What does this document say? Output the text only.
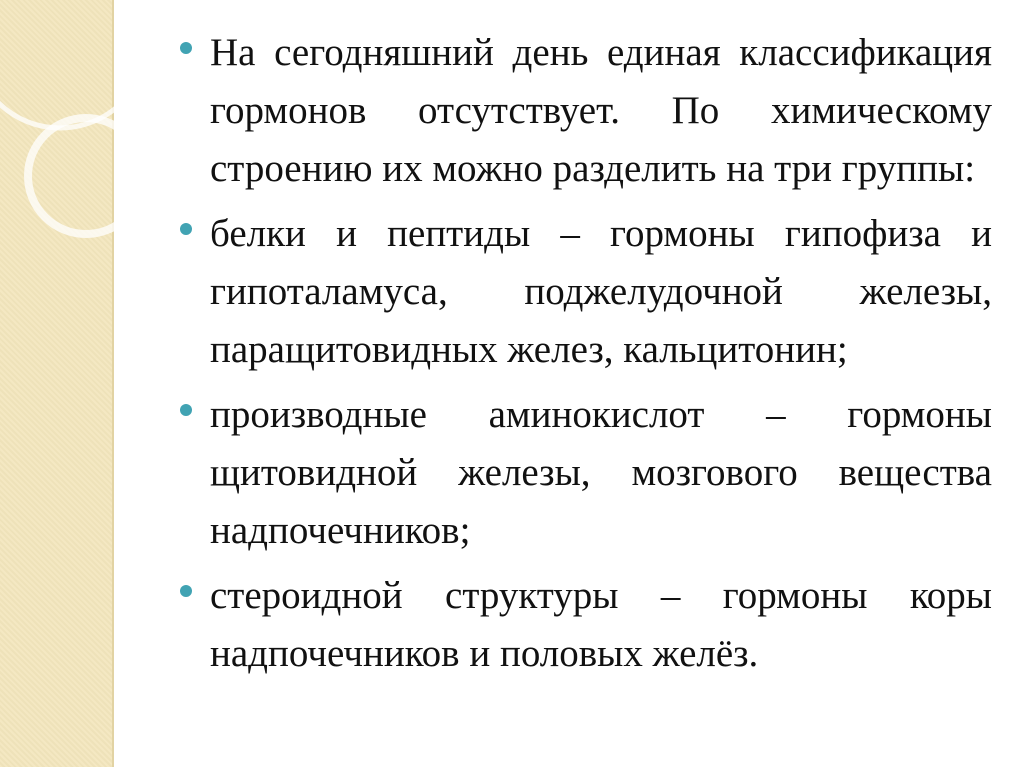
На сегодняшний день единая классификация гормонов отсутствует. По химическому строению их можно разделить на три группы:
белки и пептиды – гормоны гипофиза и гипоталамуса, поджелудочной железы, паращитовидных желез, кальцитонин;
производные аминокислот – гормоны щитовидной железы, мозгового вещества надпочечников;
стероидной структуры – гормоны коры надпочечников и половых желёз.
